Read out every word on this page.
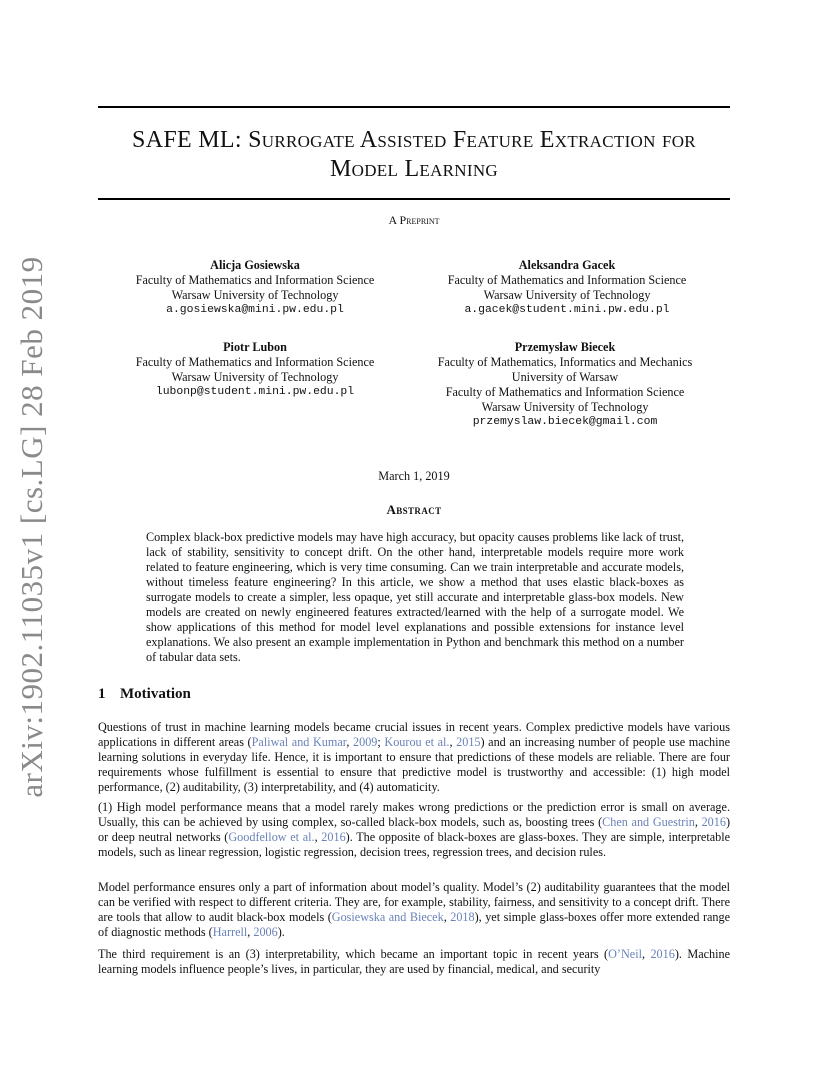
arXiv:1902.11035v1 [cs.LG] 28 Feb 2019
SAFE ML: Surrogate Assisted Feature Extraction for
Model Learning
A Preprint
Alicja Gosiewska
Faculty of Mathematics and Information Science
Warsaw University of Technology
a.gosiewska@mini.pw.edu.pl
Aleksandra Gacek
Faculty of Mathematics and Information Science
Warsaw University of Technology
a.gacek@student.mini.pw.edu.pl
Piotr Lubon
Faculty of Mathematics and Information Science
Warsaw University of Technology
lubonp@student.mini.pw.edu.pl
Przemysław Biecek
Faculty of Mathematics, Informatics and Mechanics
University of Warsaw
Faculty of Mathematics and Information Science
Warsaw University of Technology
przemyslaw.biecek@gmail.com
March 1, 2019
Abstract
Complex black-box predictive models may have high accuracy, but opacity causes problems like lack of trust, lack of stability, sensitivity to concept drift. On the other hand, interpretable models require more work related to feature engineering, which is very time consuming. Can we train interpretable and accurate models, without timeless feature engineering? In this article, we show a method that uses elastic black-boxes as surrogate models to create a simpler, less opaque, yet still accurate and interpretable glass-box models. New models are created on newly engineered features extracted/learned with the help of a surrogate model. We show applications of this method for model level explanations and possible extensions for instance level explanations. We also present an example implementation in Python and benchmark this method on a number of tabular data sets.
1 Motivation

Questions of trust in machine learning models became crucial issues in recent years. Complex predictive models have various applications in different areas (Paliwal and Kumar, 2009; Kourou et al., 2015) and an increasing number of people use machine learning solutions in everyday life. Hence, it is important to ensure that predictions of these models are reliable. There are four requirements whose fulfillment is essential to ensure that predictive model is trustworthy and accessible: (1) high model performance, (2) auditability, (3) interpretability, and (4) automaticity.

(1) High model performance means that a model rarely makes wrong predictions or the prediction error is small on average. Usually, this can be achieved by using complex, so-called black-box models, such as, boosting trees (Chen and Guestrin, 2016) or deep neutral networks (Goodfellow et al., 2016). The opposite of black-boxes are glass-boxes. They are simple, interpretable models, such as linear regression, logistic regression, decision trees, regression trees, and decision rules.

Model performance ensures only a part of information about model’s quality. Model’s (2) auditability guarantees that the model can be verified with respect to different criteria. They are, for example, stability, fairness, and sensitivity to a concept drift. There are tools that allow to audit black-box models (Gosiewska and Biecek, 2018), yet simple glass-boxes offer more extended range of diagnostic methods (Harrell, 2006).

The third requirement is an (3) interpretability, which became an important topic in recent years (O’Neil, 2016). Machine learning models influence people’s lives, in particular, they are used by financial, medical, and security
